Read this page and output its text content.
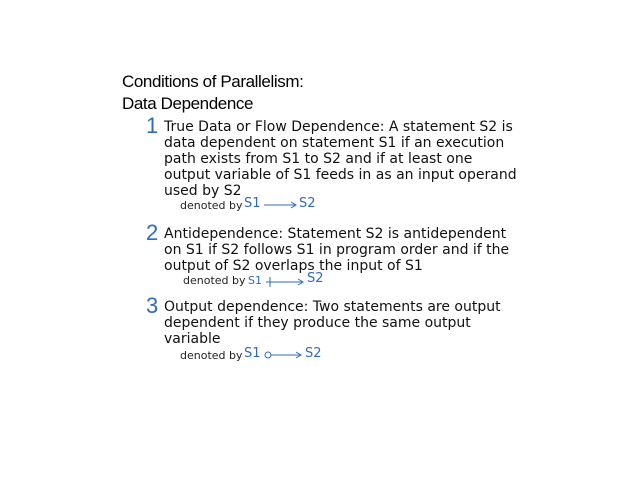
Conditions of Parallelism:
Data Dependence
1 True Data or Flow Dependence: A statement S2 is
data dependent on statement S1 if an execution
path exists from S1 to S2 and if at least one
output variable of S1 feeds in as an input operand
used by S2
denoted by S1	S2
2 Antidependence: Statement S2 is antidependent
on S1 if S2 follows S1 in program order and if the
output of S2 overlaps the input of S1
denoted by S1	S2
3 Output dependence: Two statements are output
dependent if they produce the same output
variable
denoted by S1	S2
